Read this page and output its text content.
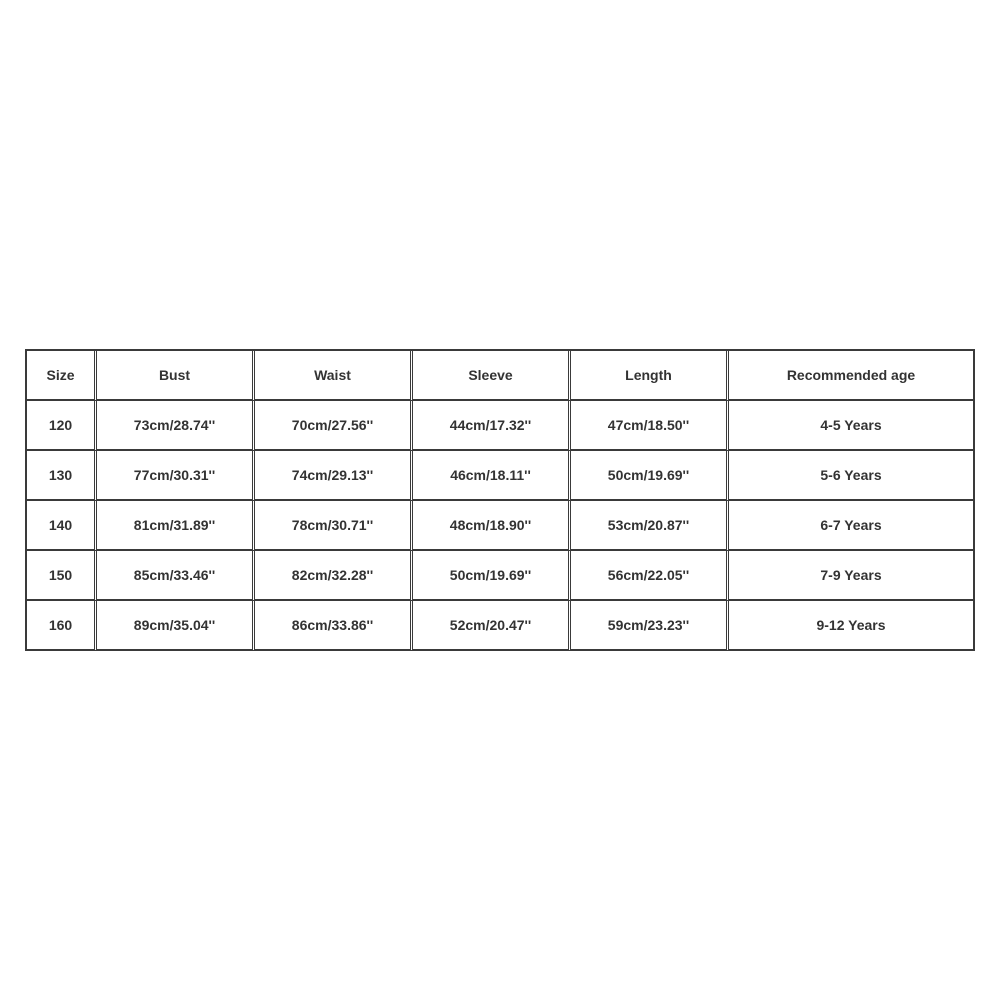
Size	Bust	Waist	Sleeve	Length	Recommended age
120	73cm/28.74''	70cm/27.56''	44cm/17.32''	47cm/18.50''	4-5 Years
130	77cm/30.31''	74cm/29.13''	46cm/18.11''	50cm/19.69''	5-6 Years
140	81cm/31.89''	78cm/30.71''	48cm/18.90''	53cm/20.87''	6-7 Years
150	85cm/33.46''	82cm/32.28''	50cm/19.69''	56cm/22.05''	7-9 Years
160	89cm/35.04''	86cm/33.86''	52cm/20.47''	59cm/23.23''	9-12 Years
